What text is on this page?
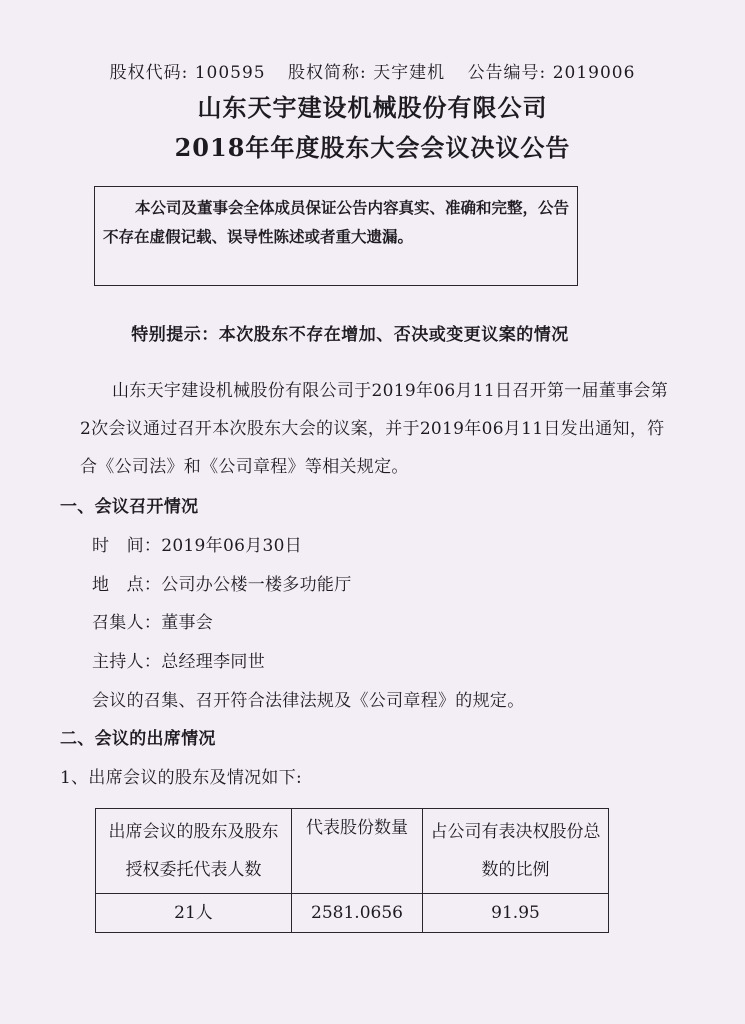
股权代码: 100595 股权简称: 天宇建机 公告编号: 2019006
山东天宇建设机械股份有限公司
2018年年度股东大会会议决议公告
本公司及董事会全体成员保证公告内容真实、准确和完整，公告不存在虚假记载、误导性陈述或者重大遗漏。
特别提示：本次股东不存在增加、否决或变更议案的情况
山东天宇建设机械股份有限公司于2019年06月11日召开第一届董事会第2次会议通过召开本次股东大会的议案，并于2019年06月11日发出通知，符合《公司法》和《公司章程》等相关规定。
一、会议召开情况
时　间：2019年06月30日
地　点：公司办公楼一楼多功能厅
召集人：董事会
主持人：总经理李同世
会议的召集、召开符合法律法规及《公司章程》的规定。
二、会议的出席情况
1、出席会议的股东及情况如下:
出席会议的股东及股东授权委托代表人数	代表股份数量	占公司有表决权股份总数的比例

21人	2581.0656	91.95
